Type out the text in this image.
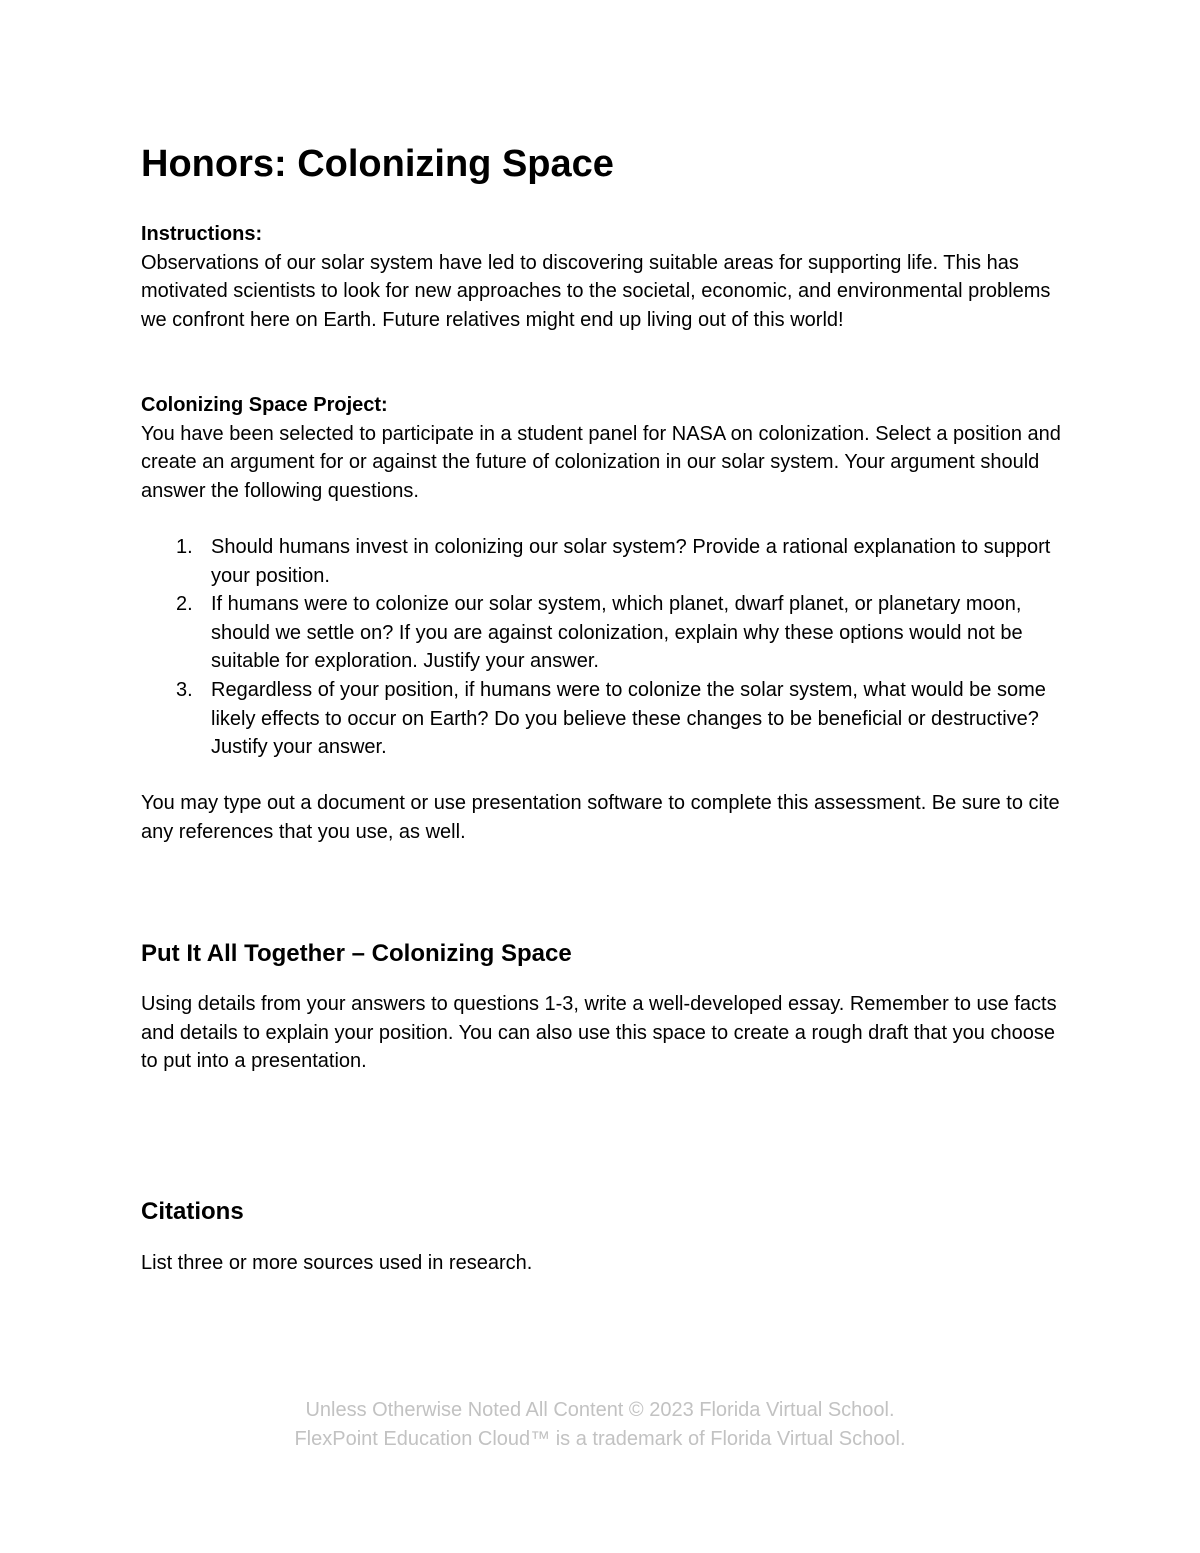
Honors: Colonizing Space

Instructions:
Observations of our solar system have led to discovering suitable areas for supporting life. This has motivated scientists to look for new approaches to the societal, economic, and environmental problems we confront here on Earth. Future relatives might end up living out of this world!

Colonizing Space Project:
You have been selected to participate in a student panel for NASA on colonization. Select a position and create an argument for or against the future of colonization in our solar system. Your argument should answer the following questions.

1. Should humans invest in colonizing our solar system? Provide a rational explanation to support your position.
2. If humans were to colonize our solar system, which planet, dwarf planet, or planetary moon, should we settle on? If you are against colonization, explain why these options would not be suitable for exploration. Justify your answer.
3. Regardless of your position, if humans were to colonize the solar system, what would be some likely effects to occur on Earth? Do you believe these changes to be beneficial or destructive? Justify your answer.

You may type out a document or use presentation software to complete this assessment. Be sure to cite any references that you use, as well.

Put It All Together – Colonizing Space

Using details from your answers to questions 1-3, write a well-developed essay. Remember to use facts and details to explain your position. You can also use this space to create a rough draft that you choose to put into a presentation.

Citations

List three or more sources used in research.

Unless Otherwise Noted All Content © 2023 Florida Virtual School.
FlexPoint Education Cloud™ is a trademark of Florida Virtual School.
